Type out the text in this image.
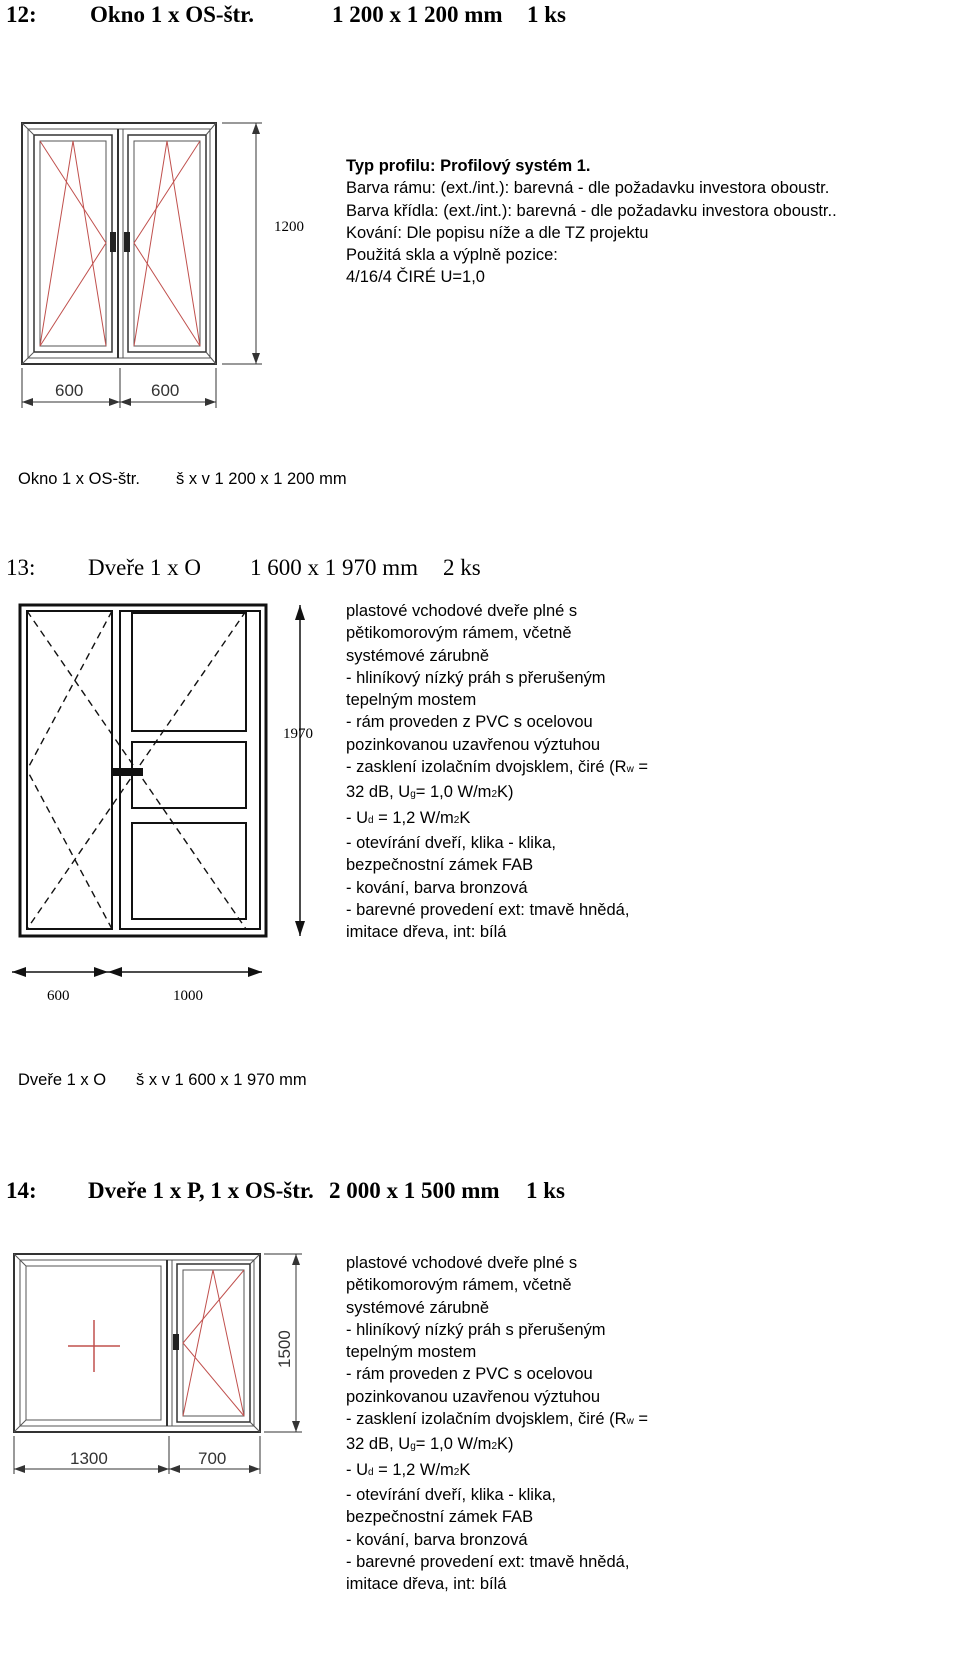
12: Okno 1 x OS-štr.	1 200 x 1 200 mm 1 ks
600	600
1200
Typ profilu: Profilový systém 1.
Barva rámu: (ext./int.): barevná - dle požadavku investora oboustr.
Barva křídla: (ext./int.): barevná - dle požadavku investora oboustr..
Kování: Dle popisu níže a dle TZ projektu
Použitá skla a výplně pozice:
4/16/4 ČIRÉ U=1,0
Okno 1 x OS-štr. š x v 1 200 x 1 200 mm
13: Dveře 1 x O 1 600 x 1 970 mm 2 ks
1970
600	1000
plastové vchodové dveře plné s
pětikomorovým rámem, včetně
systémové zárubně
- hliníkový nízký práh s přerušeným
tepelným mostem
- rám proveden z PVC s ocelovou
pozinkovanou uzavřenou výztuhou
- zasklení izolačním dvojsklem, čiré (Rw =
32 dB, Ug= 1,0 W/m2K)
- Ud = 1,2 W/m2K
- otevírání dveří, klika - klika,
bezpečnostní zámek FAB
- kování, barva bronzová
- barevné provedení ext: tmavě hnědá,
imitace dřeva, int: bílá
Dveře 1 x O š x v 1 600 x 1 970 mm
14: Dveře 1 x P, 1 x OS-štr. 2 000 x 1 500 mm 1 ks
1500
1300	700
plastové vchodové dveře plné s
pětikomorovým rámem, včetně
systémové zárubně
- hliníkový nízký práh s přerušeným
tepelným mostem
- rám proveden z PVC s ocelovou
pozinkovanou uzavřenou výztuhou
- zasklení izolačním dvojsklem, čiré (Rw =
32 dB, Ug= 1,0 W/m2K)
- Ud = 1,2 W/m2K
- otevírání dveří, klika - klika,
bezpečnostní zámek FAB
- kování, barva bronzová
- barevné provedení ext: tmavě hnědá,
imitace dřeva, int: bílá
